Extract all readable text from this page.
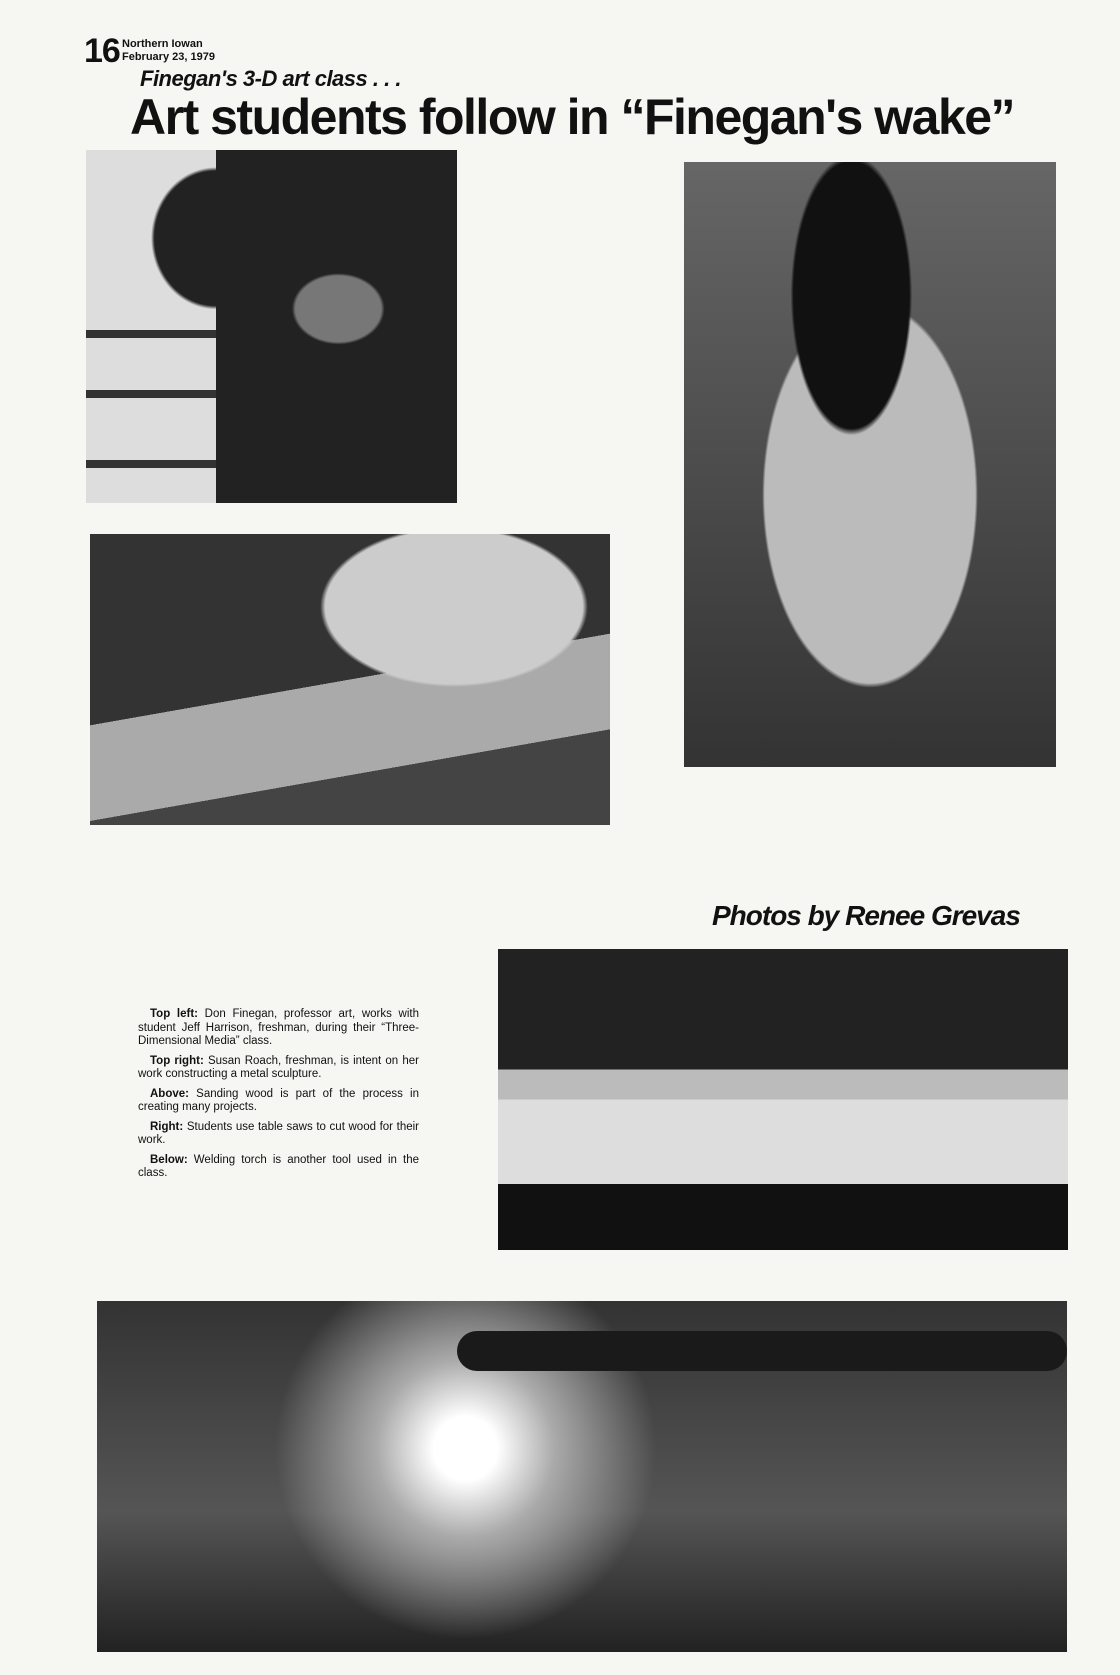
16 Northern Iowan
February 23, 1979
Finegan's 3-D art class . . .
Art students follow in “Finegan's wake”
Photos by Renee Grevas

Top left: Don Finegan, professor art, works with student Jeff Harrison, freshman, during their “Three-Dimensional Media” class.

Top right: Susan Roach, freshman, is intent on her work constructing a metal sculpture.

Above: Sanding wood is part of the process in creating many projects.

Right: Students use table saws to cut wood for their work.

Below: Welding torch is another tool used in the class.
